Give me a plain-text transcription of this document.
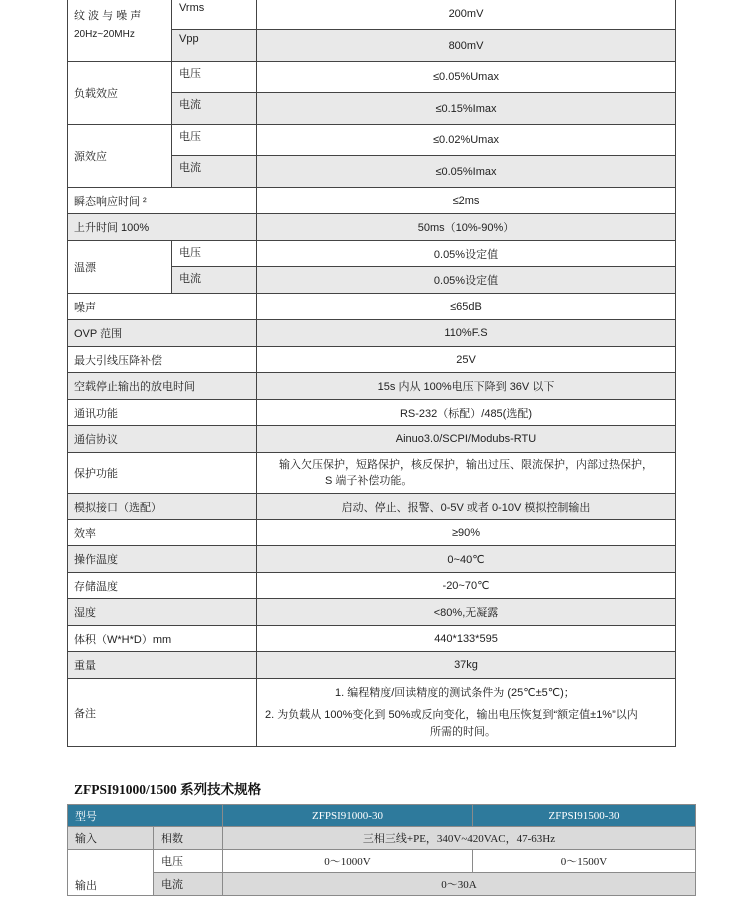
纹 波 与 噪 声
20Hz~20MHz	Vrms	200mV
	Vpp	800mV
负载效应	电压	≤0.05%Umax
	电流	≤0.15%Imax
源效应	电压	≤0.02%Umax
	电流	≤0.05%Imax
瞬态响应时间 ²		≤2ms
上升时间 100%		50ms（10%-90%）
温漂	电压	0.05%设定值
	电流	0.05%设定值
噪声		≤65dB
OVP 范围		110%F.S
最大引线压降补偿		25V
空载停止输出的放电时间		15s 内从 100%电压下降到 36V 以下
通讯功能		RS-232（标配）/485(选配)
通信协议		Ainuo3.0/SCPI/Modubs-RTU
保护功能		输入欠压保护，短路保护，核反保护，输出过压、限流保护，内部过热保护，
S 端子补偿功能。

模拟接口（选配）		启动、停止、报警、0-5V 或者 0-10V 模拟控制输出
效率		≥90%
操作温度		0~40℃
存储温度		-20~70℃
湿度		<80%,无凝露
体积（W*H*D）mm		440*133*595
重量		37kg
备注		1. 编程精度/回读精度的测试条件为 (25℃±5℃)；

2. 为负载从 100%变化到 50%或反向变化，输出电压恢复到“额定值±1%”以内

所需的时间。

ZFPSI91000/1500 系列技术规格
型号		ZFPSI91000-30	ZFPSI91500-30
输入	相数	三相三线+PE，340V~420VAC，47-63Hz	
输出	电压	0～1000V	0～1500V
	电流	0～30A	
